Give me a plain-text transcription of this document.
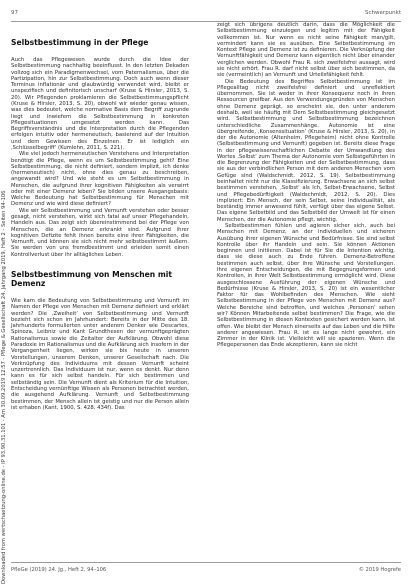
Downloaded from wertschaetzung-online.de - IP 93.90.31.101 - Am 30.09.2019 12:57 - Pflege & Gesellschaft 24. Jahrgang 2019, Heft 2 - Seiten 94-106
97	Schwerpunkt
Selbstbestimmung in der Pflege

Auch das Pflegewesen wurde durch die Idee der Selbstbestimmung nachhaltig beeinflusst. In den letzten Dekaden vollzog sich ein Paradigmenwechsel, vom Paternalismus, über die Partizipation, hin zur Selbstbestimmung. Doch auch wenn dieser Terminus inflationär und glaubwürdig verwendet wird, bleibt er unspezifisch und definitorisch unscharf (Kruse & Hirsler, 2013, S. 20). Wir Pflegenden proklamieren die Selbstbestimmungspflicht (Kruse & Hirsler, 2013, S. 20), obwohl wir wieder genau wissen, was dies bedeutet, welche normative Basis dem Begriff zugrunde liegt und inwiefern die Selbstbestimmung in konkreten Pflegesituationen umgesetzt werden kann. Das Begriffsverständnis und die Interpretation durch die Pflegenden erfolgen intuitiv oder hermeneutisch, basierend auf der Intuition und dem Gewissen des Einzelnen. Er ist lediglich ein ‚Schlüsselbegriff‘ (Kumlehn, 2011, S. 221).

Wie viel jedoch hermeneutischen Verstehens und Interpretation benötigt die Pflege, wenn es um Selbstbestimmung geht? Eine Selbstbestimmung, die nicht definiert, sondern implizit, ich denke (hermeneutisch) nicht, ohne dies genau zu beschreiben, angewandt wird? Und wie steht es um Selbstbestimmung in Menschen, die aufgrund ihrer kognitiven Fähigkeiten als verwirrt oder mit einer Demenz leben? Sie bilden unsere Ausgangsbasis: Welche Bedeutung hat Selbstbestimmung für Menschen mit Demenz und wie wird diese definiert?

Wie wir Selbstbestimmung und Vernunft verstehen oder besser gesagt, nicht verstehen, wirkt sich fatal auf unser Pflegehandeln, Handeln aus. Das zeigt sich übereinstimmend bei der Pflege von Menschen, die an Demenz erkrankt sind. Aufgrund ihrer kognitiven Defizite fehlt ihnen bereits eine ihrer Fähigkeiten, die Vernunft, und können sie sich nicht mehr selbstbestimmt äußern. Sie werden von uns fremdbestimmt und erleiden somit einen Kontrollverlust über ihr alltägliches Leben.

Selbstbestimmung von Menschen mit Demenz

Wie kam die Bedeutung von Selbstbestimmung und Vernunft im Namen der Pflege von Menschen mit Demenz definiert und erklärt werden? Die ‚Zweiheit‘ von Selbstbestimmung und Vernunft bezieht sich schon im Jahrhundert: Bereits in der Mitte des 18. Jahrhunderts formulierten unter anderem Denker wie Descartes, Spinoza, Leibniz und Kant Grundthesen der vernunftgeprägten Rationalismus sowie die Zeitalter der Aufklärung. Obwohl diese Paradoxie im Rationalismus und die Aufklärung sich insofern in der Vergangenheit liegen, wirken sie bis heute in unseren Vorstellungen, unserem Denken, unserer Gesellschaft nach. Die Verknüpfung des Individuums mit dessen Vernunft scheint unzertrennlich. Das Individuum ist nur, wenn es denkt. Nur denn kann es für sich selbst handeln. Für sich bestimmen und selbständig sein. Die Vernunft dient als Kriterium für die Intuition, Entscheidung vernünftige Wissen als Personen betrachtet werden, die ausgehend Aufklärung. Vernunft und Selbstbestimmung bestimmen, der Mensch allein ist geistig und nur die Person allein ist erhaben (Kant, 1900, S. 428, 434f). Das

zeigt sich übrigens deutlich darin, dass die Möglichkeit die Selbstbestimmung einzulegen und legitim mit der Fähigkeit vollkommen ist. Nur wenn es nicht seine Fähigkeit man/gilt, vermindert kann sie es ausüben. Eine Selbstbestimmung im Kontext Pflege und Demenz ist zu definieren. Die Verknüpfung der Vernunftfähigkeit und Demenz kann eigentlich nicht über einander verglichen werden. Obwohl Frau R. sich zweifelsfrei aussagt, wird sie nicht erhört. Frau R. darf nicht selbst über sich bestimmen, da sie (vermeintlich) an Vernunft und Urteilsfähigkeit fehlt.

Die Bedeutung des Begriffes Selbstbestimmung ist im Pflegealltag nicht zweifelsfrei definiert und unreflektiert übernommen. Sie ist weder in ihrer Konsequenz noch in ihren Ressourcen greifbar. Aus den Verwendungsgründen von Menschen ohne Demenz geprägt, so erscheint sie, den unter anderem deshalb, weil sie häufig mit Dem Selbstbestimmung gleichgesetzt wird. Selbstbestimmung und Selbstbestimmung bezeichnen unterschiedliche Zusammenhänge. Autonomie ist eine übergreifende, ‚Konsenssituation‘ (Kruse & Hirsler, 2013, S. 20), in der die Autonomie (Altenheim, Pflegeheim) nicht ohne Kontrolle (Selbstbestimmung und Vernunft) gegeben ist. Bereits diese Frage in der pflegewissenschaftlichen Debatte der Umwandlung des Wortes ‚Selbst‘ zum Thema der Autonomie vom Selbstgeführten in die Begrenzung der Fähigkeiten und der Selbstbestimmung, dass sie aus der verbindlichen Person mit dem anderen Menschen vom Gefüge sind (Waldschmidt, 2012, S. 19). Selbstbestimmung beinhaltet nicht nur die Klassifizierung. Erwachsene an sich selbst bestimmen verstehen, ‚Selbst‘ als Ich, Selbst-Erwachsene, Selbst und Pflegebedürftigkeit (Waldschmidt, 2012, S. 20). Dies impliziert: Ein Mensch, der sein Selbst, seine Individualität, als beständig immer anwesend fühlt, verfügt über das eigene Selbst. Das eigene Selbstbild und das Selbstbild der Umwelt ist für einen Menschen, der die Autonomie pflegt, wichtig.

Selbstbestimmen fühlen und agieren sicher sich, auch bei Menschen mit Demenz, an der individuellen und sicheren Ausübung ihrer eigenen Wünsche und Bedürfnisse. Sie sind selbst Kontrolle über ihr Handeln und sein. Sie können Aktionen beginnen und initiieren. Dabei ist für Sie die Intention wichtig, dass sie diese auch zu Ende führen. Demenz-Betroffene bestimmen auch selbst, über ihre Wünsche und Vorstellungen. Ihre eigenen Entscheidungen, die mit Begegnungsformen und Kontrollen, in ihrer Welt Selbstbestimmung ermöglicht wird. Diese ausgeschlossene Ausführung der eigenen Wünsche und Bedürfnisse (Kruse & Hirsler, 2013, S. 20) ist ein wesentlicher Faktor für das Wohlbefinden des Menschen. Wie sieht Selbstbestimmung in der Pflege von Menschen mit Demenz aus? Welche Bereiche sind betroffen, und welches ‚Personen‘ sehen wir? Können Mitarbeitende selbst bestimmen? Die Frage, wie die Selbstbestimmung in diesen Kontexten gesichert werden kann, ist offen. Wie bleibt der Mensch einerseits auf das Leben und die Hilfe anderer angewiesen. Frau R. ist es lange nicht gewohnt, ein Zimmer in der Klinik ist. Vielleicht will sie spazieren. Wenn die Pflegepersonen das Ende akzeptieren, kann sie nicht

PfleGe (2019) 24. Jg., Heft 2, 94–106	© 2019 Hogrefe
